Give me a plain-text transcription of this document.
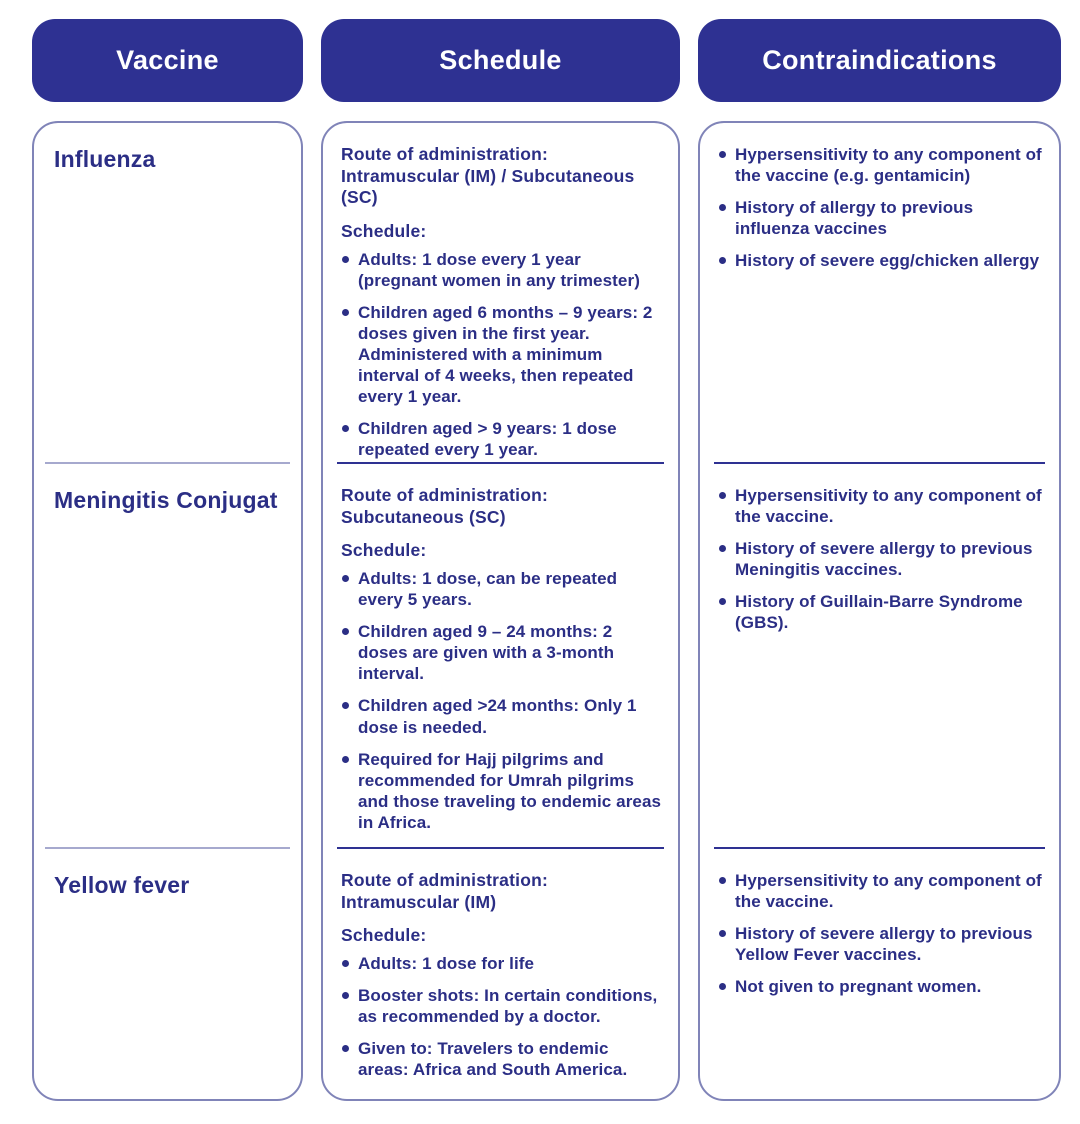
Vaccine	Schedule	Contraindications
Influenza
Meningitis Conjugat
Yellow fever

Route of administration:
Intramuscular (IM) / Subcutaneous (SC)

Schedule:
Adults: 1 dose every 1 year (pregnant women in any trimester)
Children aged 6 months – 9 years: 2 doses given in the first year. Administered with a minimum interval of 4 weeks, then repeated every 1 year.
Children aged > 9 years: 1 dose repeated every 1 year.

Route of administration:
Subcutaneous (SC)

Schedule:
Adults: 1 dose, can be repeated every 5 years.
Children aged 9 – 24 months: 2 doses are given with a 3-month interval.
Children aged >24 months: Only 1 dose is needed.
Required for Hajj pilgrims and recommended for Umrah pilgrims and those traveling to endemic areas in Africa.

Route of administration:
Intramuscular (IM)

Schedule:
Adults: 1 dose for life
Booster shots: In certain conditions, as recommended by a doctor.
Given to: Travelers to endemic areas: Africa and South America.
Hypersensitivity to any component of the vaccine (e.g. gentamicin)
History of allergy to previous influenza vaccines
History of severe egg/chicken allergy
Hypersensitivity to any component of the vaccine.
History of severe allergy to previous Meningitis vaccines.
History of Guillain-Barre Syndrome (GBS).
Hypersensitivity to any component of the vaccine.
History of severe allergy to previous Yellow Fever vaccines.
Not given to pregnant women.
